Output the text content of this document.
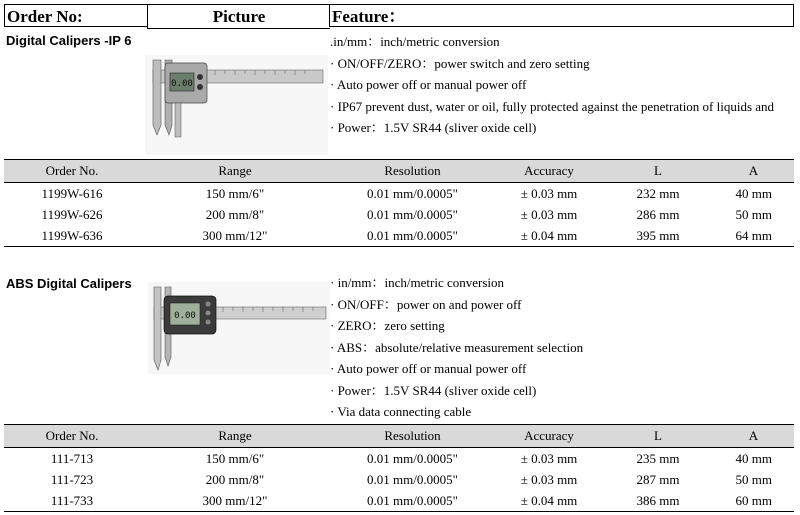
Order No:	Picture	Feature：
Digital Calipers -IP 6
0.00
.in/mm：inch/metric conversion
· ON/OFF/ZERO：power switch and zero setting
· Auto power off or manual power off
· IP67 prevent dust, water or oil, fully protected against the penetration of liquids and
· Power：1.5V SR44 (sliver oxide cell)
Order No.	Range	Resolution	Accuracy	L	A
1199W-616	150 mm/6"	0.01 mm/0.0005"	± 0.03 mm	232 mm	40 mm
1199W-626	200 mm/8"	0.01 mm/0.0005"	± 0.03 mm	286 mm	50 mm
1199W-636	300 mm/12"	0.01 mm/0.0005"	± 0.04 mm	395 mm	64 mm
ABS Digital Calipers
0.00
· in/mm：inch/metric conversion
· ON/OFF：power on and power off
· ZERO：zero setting
· ABS：absolute/relative measurement selection
· Auto power off or manual power off
· Power：1.5V SR44 (sliver oxide cell)
· Via data connecting cable
Order No.	Range	Resolution	Accuracy	L	A
111-713	150 mm/6"	0.01 mm/0.0005"	± 0.03 mm	235 mm	40 mm
111-723	200 mm/8"	0.01 mm/0.0005"	± 0.03 mm	287 mm	50 mm
111-733	300 mm/12"	0.01 mm/0.0005"	± 0.04 mm	386 mm	60 mm
